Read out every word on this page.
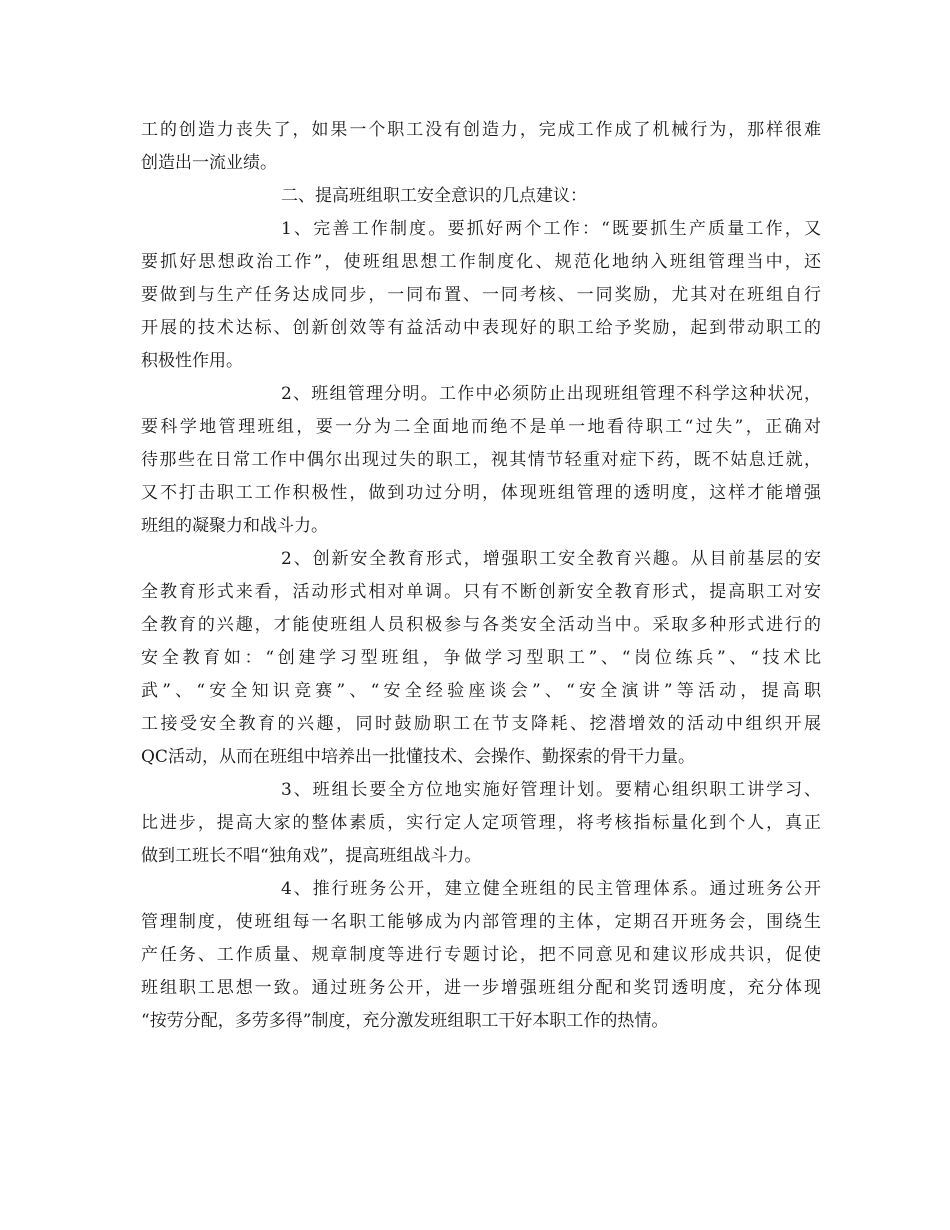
工的创造力丧失了，如果一个职工没有创造力，完成工作成了机械行为，那样很难
创造出一流业绩。
二、提高班组职工安全意识的几点建议：
1、完善工作制度。要抓好两个工作：“既要抓生产质量工作，又
要抓好思想政治工作”，使班组思想工作制度化、规范化地纳入班组管理当中，还
要做到与生产任务达成同步，一同布置、一同考核、一同奖励，尤其对在班组自行
开展的技术达标、创新创效等有益活动中表现好的职工给予奖励，起到带动职工的
积极性作用。
2、班组管理分明。工作中必须防止出现班组管理不科学这种状况，
要科学地管理班组，要一分为二全面地而绝不是单一地看待职工“过失”，正确对
待那些在日常工作中偶尔出现过失的职工，视其情节轻重对症下药，既不姑息迁就，
又不打击职工工作积极性，做到功过分明，体现班组管理的透明度，这样才能增强
班组的凝聚力和战斗力。
2、创新安全教育形式，增强职工安全教育兴趣。从目前基层的安
全教育形式来看，活动形式相对单调。只有不断创新安全教育形式，提高职工对安
全教育的兴趣，才能使班组人员积极参与各类安全活动当中。采取多种形式进行的
安全教育如：“创建学习型班组，争做学习型职工”、“岗位练兵”、“技术比
武”、“安全知识竞赛”、“安全经验座谈会”、“安全演讲”等活动，提高职
工接受安全教育的兴趣，同时鼓励职工在节支降耗、挖潜增效的活动中组织开展
QC活动，从而在班组中培养出一批懂技术、会操作、勤探索的骨干力量。
3、班组长要全方位地实施好管理计划。要精心组织职工讲学习、
比进步，提高大家的整体素质，实行定人定项管理，将考核指标量化到个人，真正
做到工班长不唱“独角戏”，提高班组战斗力。
4、推行班务公开，建立健全班组的民主管理体系。通过班务公开
管理制度，使班组每一名职工能够成为内部管理的主体，定期召开班务会，围绕生
产任务、工作质量、规章制度等进行专题讨论，把不同意见和建议形成共识，促使
班组职工思想一致。通过班务公开，进一步增强班组分配和奖罚透明度，充分体现
“按劳分配，多劳多得”制度，充分激发班组职工干好本职工作的热情。
